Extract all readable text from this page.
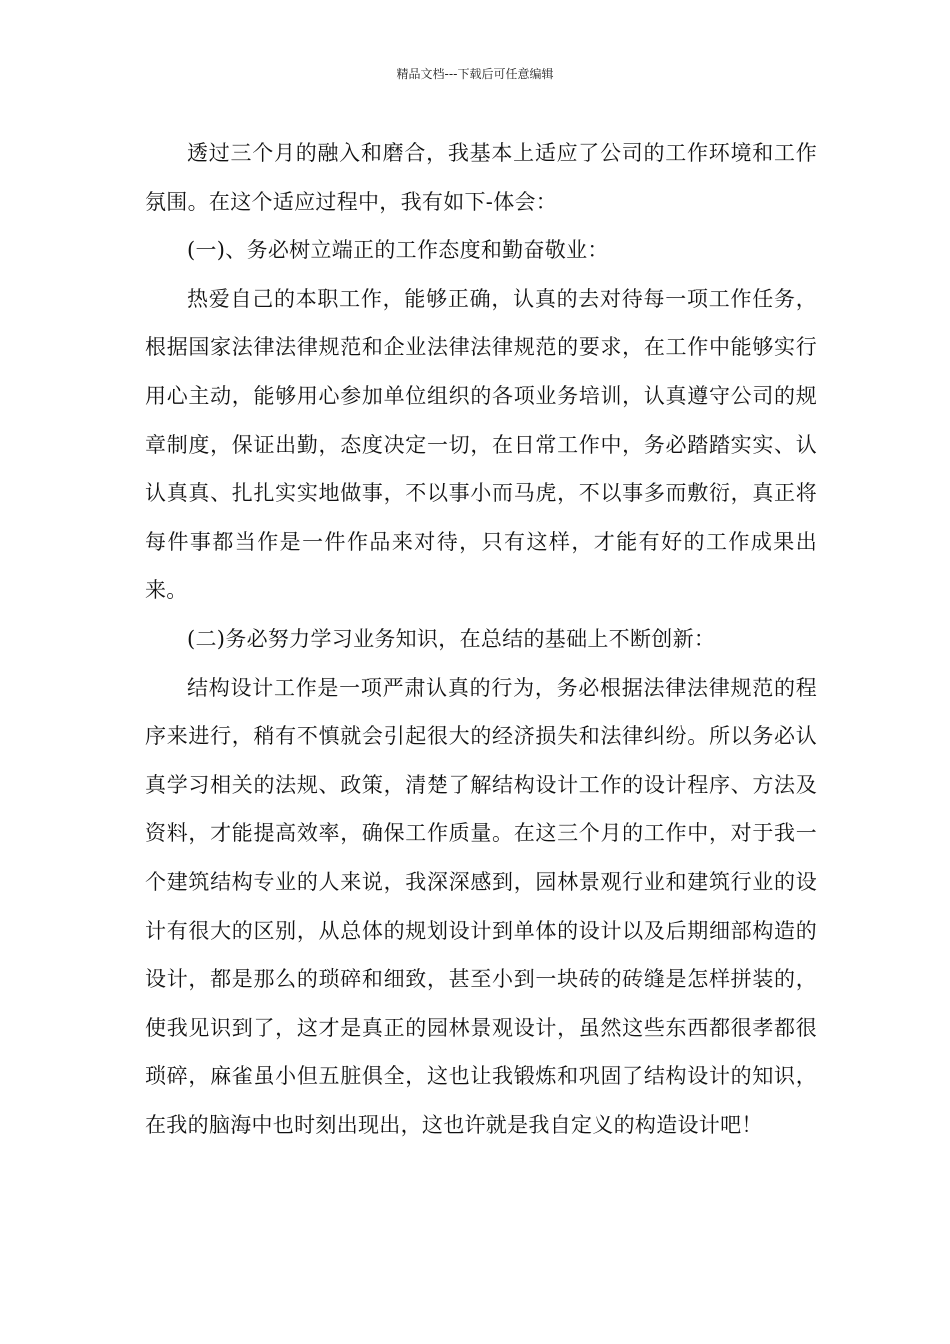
精品文档---下载后可任意编辑

透过三个月的融入和磨合，我基本上适应了公司的工作环境和工作氛围。在这个适应过程中，我有如下-体会：

(一)、务必树立端正的工作态度和勤奋敬业：

热爱自己的本职工作，能够正确，认真的去对待每一项工作任务，根据国家法律法律规范和企业法律法律规范的要求，在工作中能够实行用心主动，能够用心参加单位组织的各项业务培训，认真遵守公司的规章制度，保证出勤，态度决定一切，在日常工作中，务必踏踏实实、认认真真、扎扎实实地做事，不以事小而马虎，不以事多而敷衍，真正将每件事都当作是一件作品来对待，只有这样，才能有好的工作成果出来。

(二)务必努力学习业务知识，在总结的基础上不断创新：

结构设计工作是一项严肃认真的行为，务必根据法律法律规范的程序来进行，稍有不慎就会引起很大的经济损失和法律纠纷。所以务必认真学习相关的法规、政策，清楚了解结构设计工作的设计程序、方法及资料，才能提高效率，确保工作质量。在这三个月的工作中，对于我一个建筑结构专业的人来说，我深深感到，园林景观行业和建筑行业的设计有很大的区别，从总体的规划设计到单体的设计以及后期细部构造的设计，都是那么的琐碎和细致，甚至小到一块砖的砖缝是怎样拼装的，使我见识到了，这才是真正的园林景观设计，虽然这些东西都很孝都很琐碎，麻雀虽小但五脏俱全，这也让我锻炼和巩固了结构设计的知识，在我的脑海中也时刻出现出，这也许就是我自定义的构造设计吧！
